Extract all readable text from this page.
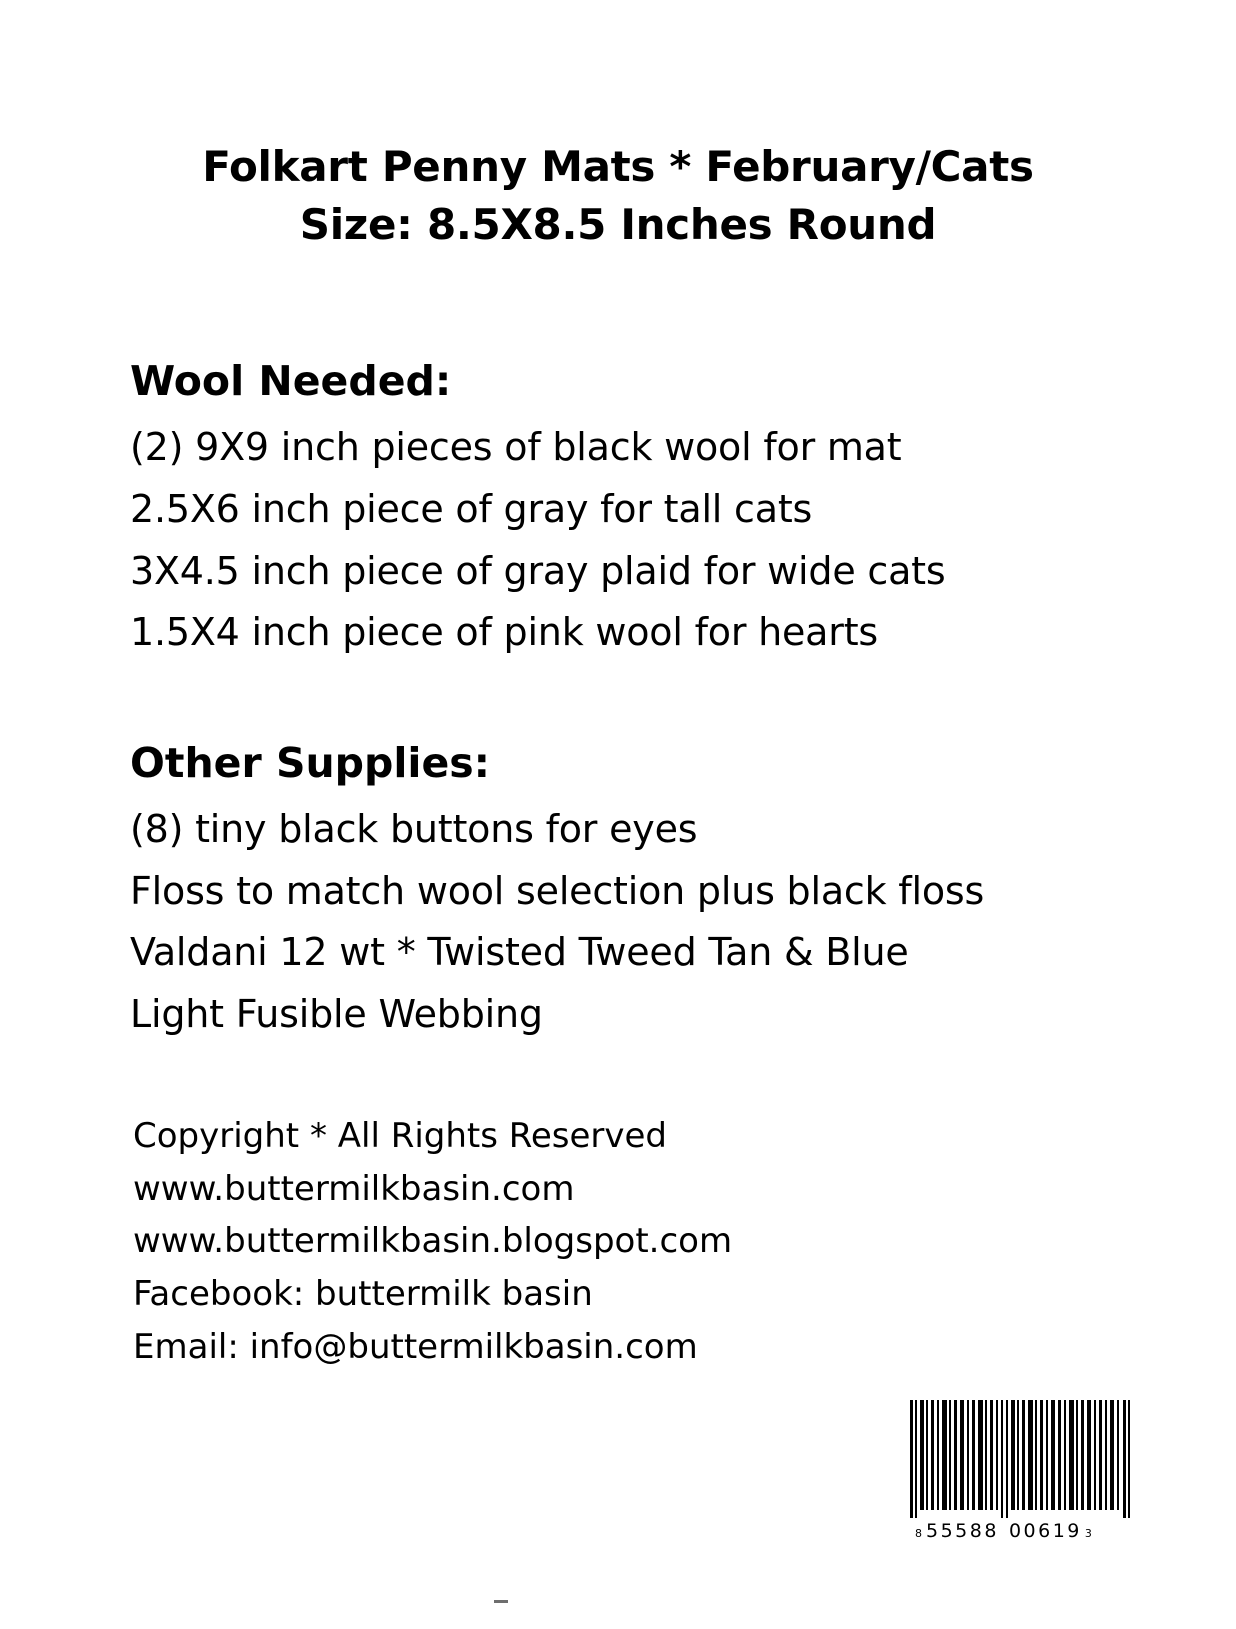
Folkart Penny Mats * February/Cats
Size: 8.5X8.5 Inches Round
Wool Needed:
(2) 9X9 inch pieces of black wool for mat
2.5X6 inch piece of gray for tall cats
3X4.5 inch piece of gray plaid for wide cats
1.5X4 inch piece of pink wool for hearts
Other Supplies:
(8) tiny black buttons for eyes
Floss to match wool selection plus black floss
Valdani 12 wt * Twisted Tweed Tan & Blue
Light Fusible Webbing
Copyright * All Rights Reserved
www.buttermilkbasin.com
www.buttermilkbasin.blogspot.com
Facebook: buttermilk basin
Email: info@buttermilkbasin.com
8 55588 00619 3
